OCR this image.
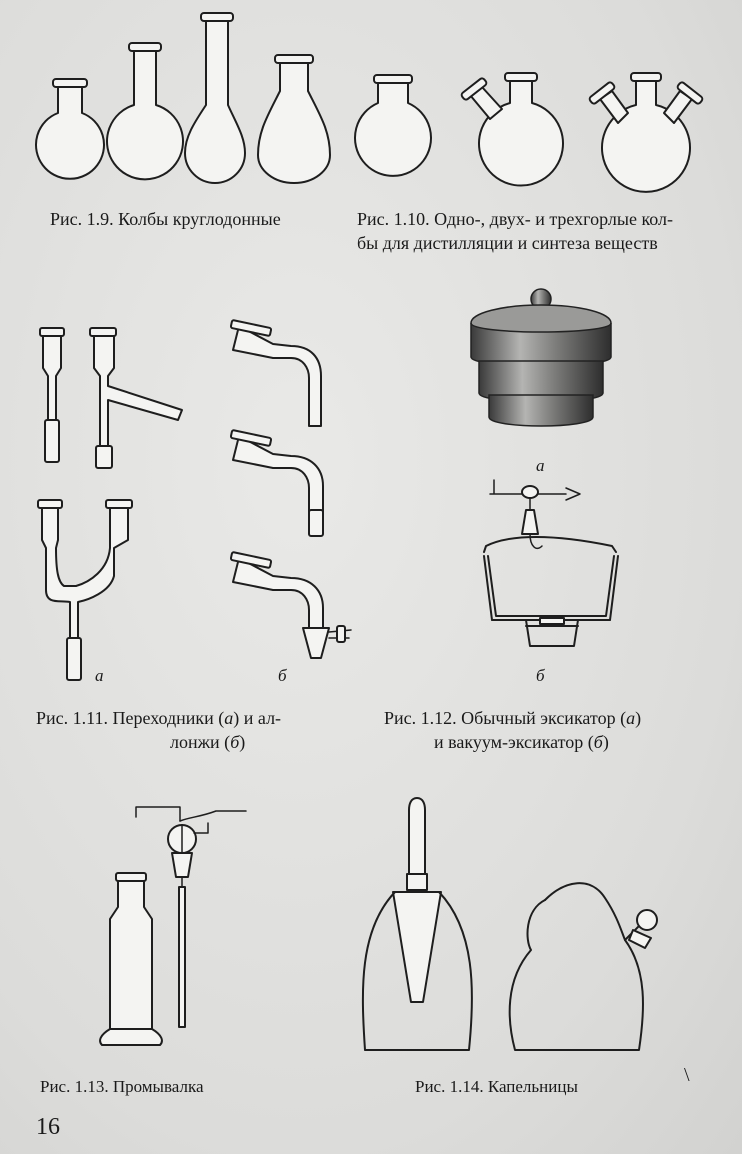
Рис. 1.9. Колбы круглодонные	Рис. 1.10. Одно-, двух- и трехгорлые кол-
бы для дистилляции и синтеза веществ
а	б
а
б
Рис. 1.11. Переходники (а) и ал-
лонжи (б)
Рис. 1.12. Обычный эксикатор (а)
и вакуум-эксикатор (б)
Рис. 1.13. Промывалка	Рис. 1.14. Капельницы
\
16
